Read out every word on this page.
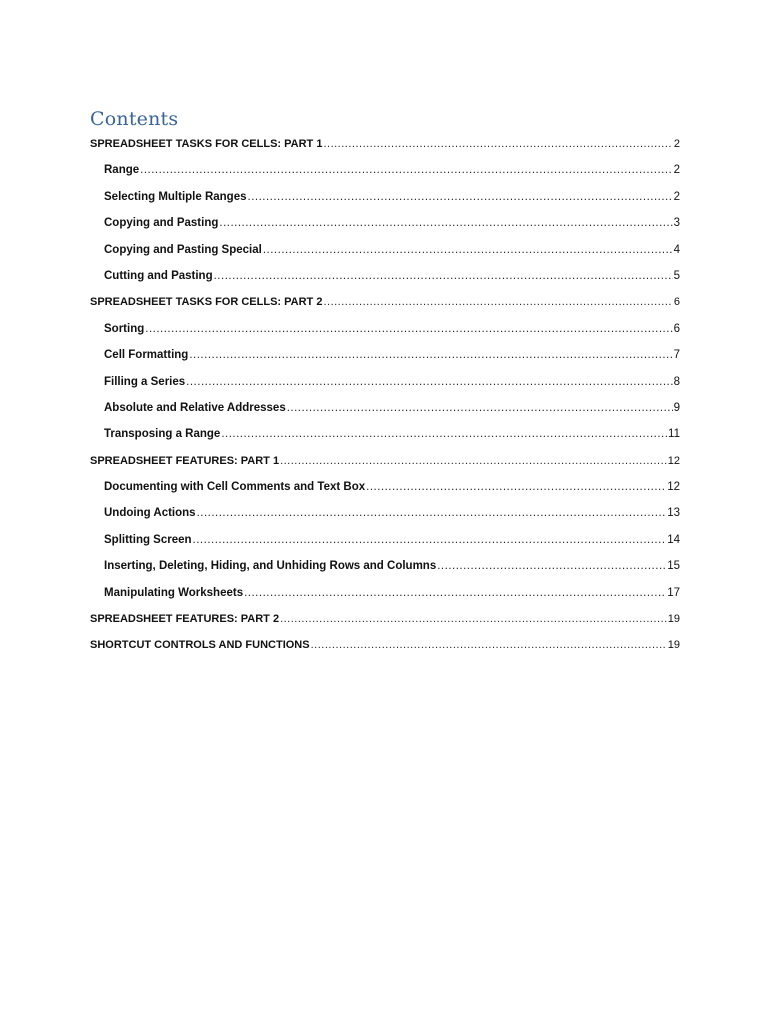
Contents
SPREADSHEET TASKS FOR CELLS: PART 1 .....	2
Range .....	2
Selecting Multiple Ranges .....	2
Copying and Pasting .....	3
Copying and Pasting Special .....	4
Cutting and Pasting .....	5
SPREADSHEET TASKS FOR CELLS: PART 2 .....	6
Sorting .....	6
Cell Formatting .....	7
Filling a Series .....	8
Absolute and Relative Addresses .....	9
Transposing a Range .....	11
SPREADSHEET FEATURES: PART 1 .....	12
Documenting with Cell Comments and Text Box .....	12
Undoing Actions .....	13
Splitting Screen .....	14
Inserting, Deleting, Hiding, and Unhiding Rows and Columns .....	15
Manipulating Worksheets .....	17
SPREADSHEET FEATURES: PART 2 .....	19
SHORTCUT CONTROLS AND FUNCTIONS .....	19
